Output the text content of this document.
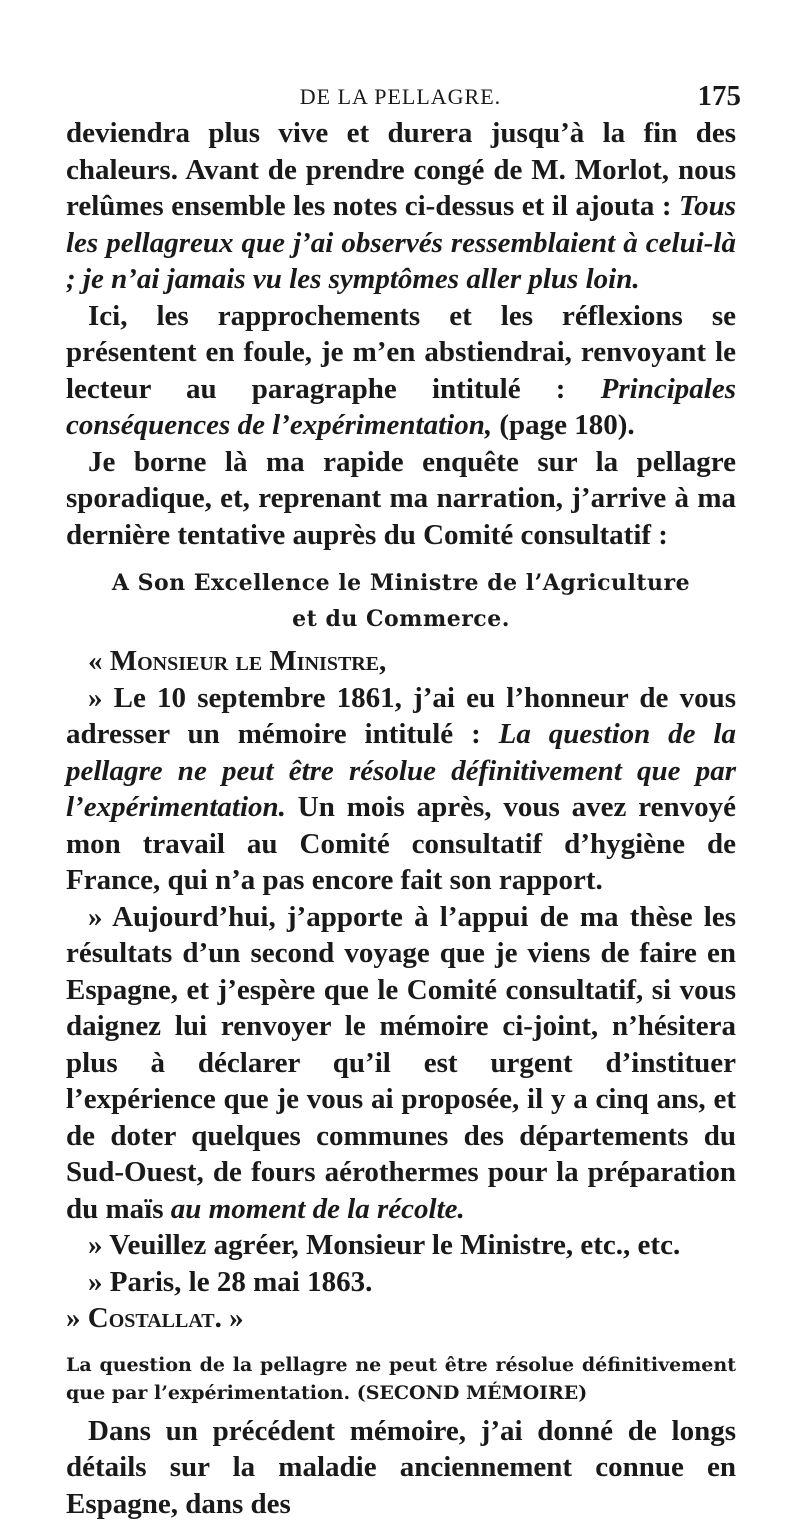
DE LA PELLAGRE.	175

deviendra plus vive et durera jusqu’à la fin des chaleurs. Avant de prendre congé de M. Morlot, nous relûmes ensemble les notes ci-dessus et il ajouta : Tous les pellagreux que j’ai observés ressemblaient à celui-là ; je n’ai jamais vu les symptômes aller plus loin.

Ici, les rapprochements et les réflexions se présentent en foule, je m’en abstiendrai, renvoyant le lecteur au paragraphe intitulé : Principales conséquences de l’expérimentation, (page 180).

Je borne là ma rapide enquête sur la pellagre sporadique, et, reprenant ma narration, j’arrive à ma dernière tentative auprès du Comité consultatif :

A Son Excellence le Ministre de l’Agriculture
et du Commerce.

« Monsieur le Ministre,

» Le 10 septembre 1861, j’ai eu l’honneur de vous adresser un mémoire intitulé : La question de la pellagre ne peut être résolue définitivement que par l’expérimentation. Un mois après, vous avez renvoyé mon travail au Comité consultatif d’hygiène de France, qui n’a pas encore fait son rapport.

» Aujourd’hui, j’apporte à l’appui de ma thèse les résultats d’un second voyage que je viens de faire en Espagne, et j’espère que le Comité consultatif, si vous daignez lui renvoyer le mémoire ci-joint, n’hésitera plus à déclarer qu’il est urgent d’instituer l’expérience que je vous ai proposée, il y a cinq ans, et de doter quelques communes des départements du Sud-Ouest, de fours aérothermes pour la préparation du maïs au moment de la récolte.

» Veuillez agréer, Monsieur le Ministre, etc., etc.

» Paris, le 28 mai 1863.

» Costallat. »

La question de la pellagre ne peut être résolue définitivement que par l’expérimentation. (SECOND MÉMOIRE)

Dans un précédent mémoire, j’ai donné de longs détails sur la maladie anciennement connue en Espagne, dans des
